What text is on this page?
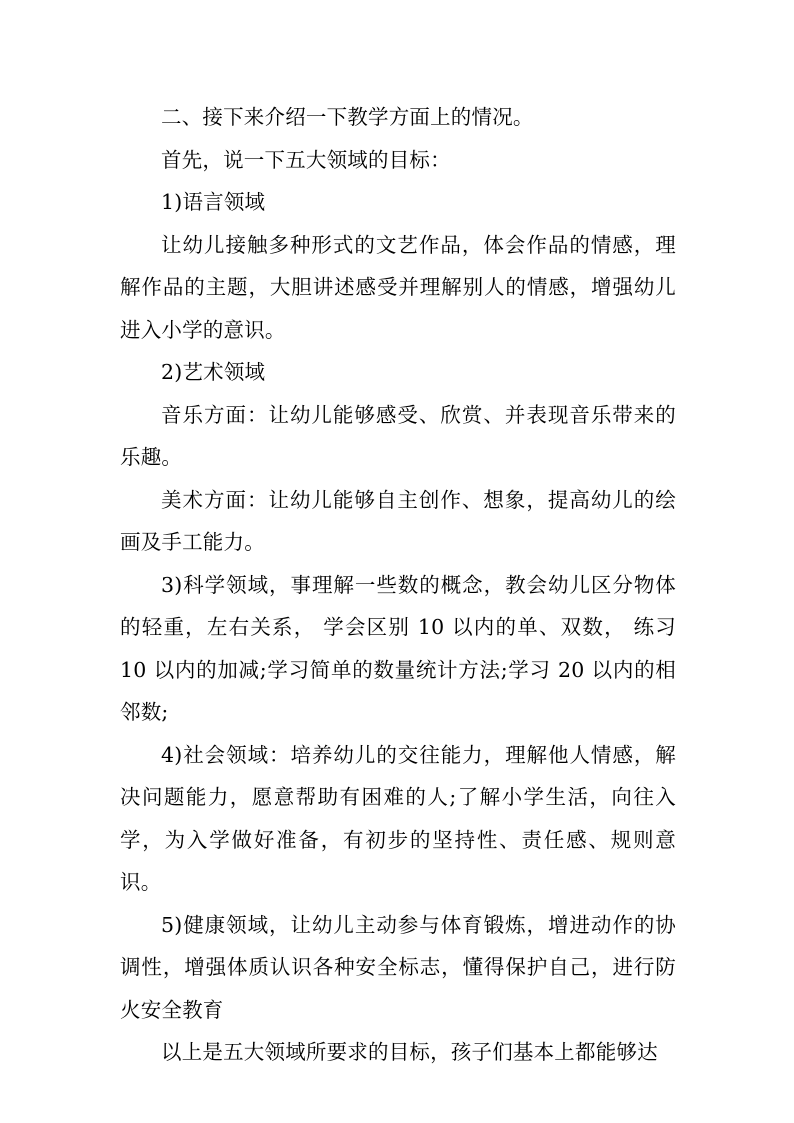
二、接下来介绍一下教学方面上的情况。

首先，说一下五大领域的目标：

1)语言领域

让幼儿接触多种形式的文艺作品，体会作品的情感，理解作品的主题，大胆讲述感受并理解别人的情感，增强幼儿进入小学的意识。

2)艺术领域

音乐方面：让幼儿能够感受、欣赏、并表现音乐带来的乐趣。

美术方面：让幼儿能够自主创作、想象，提高幼儿的绘画及手工能力。

3)科学领域，事理解一些数的概念，教会幼儿区分物体的轻重，左右关系， 学会区别 10 以内的单、双数， 练习 10 以内的加减;学习简单的数量统计方法;学习 20 以内的相邻数;

4)社会领域：培养幼儿的交往能力，理解他人情感，解决问题能力，愿意帮助有困难的人;了解小学生活，向往入学，为入学做好准备，有初步的坚持性、责任感、规则意识。

5)健康领域，让幼儿主动参与体育锻炼，增进动作的协调性，增强体质认识各种安全标志，懂得保护自己，进行防火安全教育

以上是五大领域所要求的目标，孩子们基本上都能够达
